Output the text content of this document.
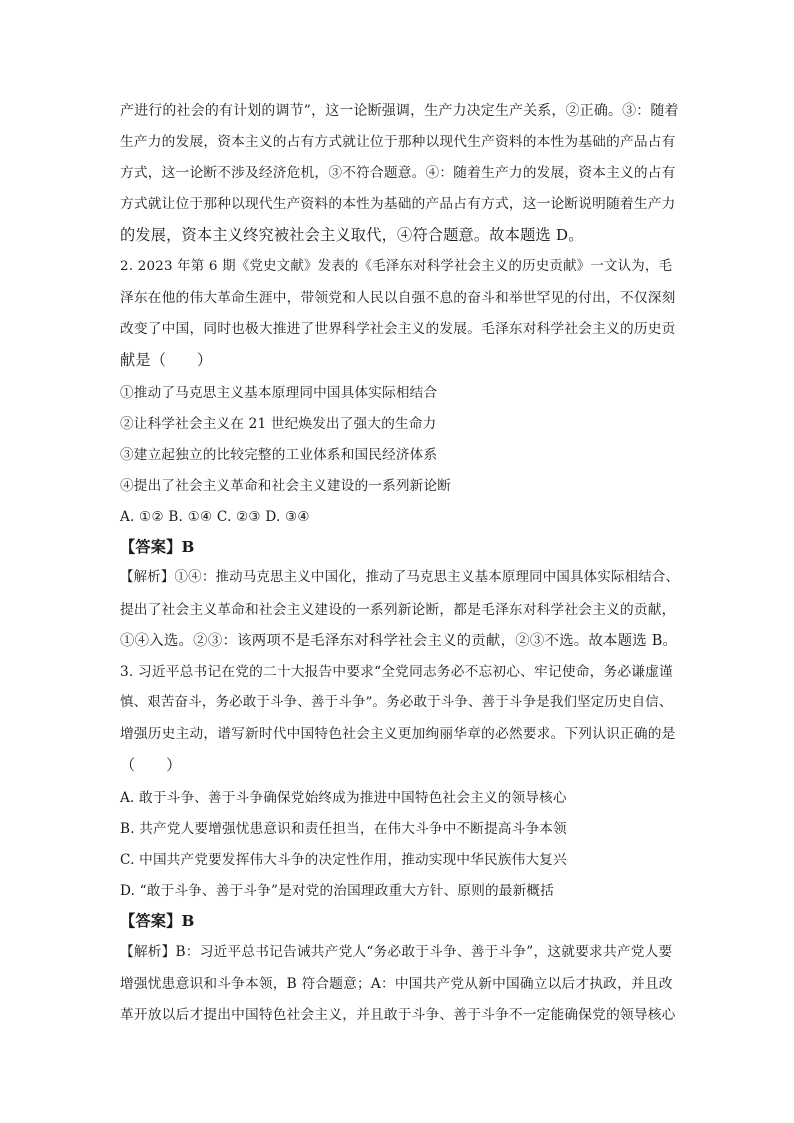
产进行的社会的有计划的调节”，这一论断强调，生产力决定生产关系，②正确。③：随着
生产力的发展，资本主义的占有方式就让位于那种以现代生产资料的本性为基础的产品占有
方式，这一论断不涉及经济危机，③不符合题意。④：随着生产力的发展，资本主义的占有
方式就让位于那种以现代生产资料的本性为基础的产品占有方式，这一论断说明随着生产力
的发展，资本主义终究被社会主义取代，④符合题意。故本题选 D。
2. 2023 年第 6 期《党史文献》发表的《毛泽东对科学社会主义的历史贡献》一文认为，毛
泽东在他的伟大革命生涯中，带领党和人民以自强不息的奋斗和举世罕见的付出，不仅深刻
改变了中国，同时也极大推进了世界科学社会主义的发展。毛泽东对科学社会主义的历史贡
献是（　　）
①推动了马克思主义基本原理同中国具体实际相结合
②让科学社会主义在 21 世纪焕发出了强大的生命力
③建立起独立的比较完整的工业体系和国民经济体系
④提出了社会主义革命和社会主义建设的一系列新论断
A. ①② B. ①④ C. ②③ D. ③④
【答案】B
【解析】①④：推动马克思主义中国化，推动了马克思主义基本原理同中国具体实际相结合、
提出了社会主义革命和社会主义建设的一系列新论断，都是毛泽东对科学社会主义的贡献，
①④入选。②③：该两项不是毛泽东对科学社会主义的贡献，②③不选。故本题选 B。
3. 习近平总书记在党的二十大报告中要求“全党同志务必不忘初心、牢记使命，务必谦虚谨
慎、艰苦奋斗，务必敢于斗争、善于斗争”。务必敢于斗争、善于斗争是我们坚定历史自信、
增强历史主动，谱写新时代中国特色社会主义更加绚丽华章的必然要求。下列认识正确的是
（　　）
A. 敢于斗争、善于斗争确保党始终成为推进中国特色社会主义的领导核心
B. 共产党人要增强忧患意识和责任担当，在伟大斗争中不断提高斗争本领
C. 中国共产党要发挥伟大斗争的决定性作用，推动实现中华民族伟大复兴
D. “敢于斗争、善于斗争”是对党的治国理政重大方针、原则的最新概括
【答案】B
【解析】B：习近平总书记告诫共产党人“务必敢于斗争、善于斗争”，这就要求共产党人要
增强忧患意识和斗争本领，B 符合题意；A：中国共产党从新中国确立以后才执政，并且改
革开放以后才提出中国特色社会主义，并且敢于斗争、善于斗争不一定能确保党的领导核心
